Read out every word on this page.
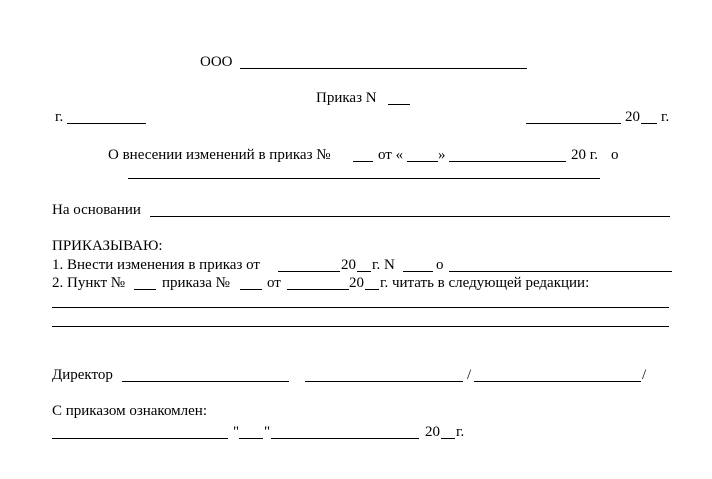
ООО
Приказ N
г.	20 г.
О внесении изменений в приказ №	от « »	20 г. о
На основании
ПРИКАЗЫВАЮ:
1. Внести изменения в приказ от	20 г. N	о
2. Пункт № приказа № от	20 г. читать в следующей редакции:
Директор	/	/
С приказом ознакомлен:
" "	20 г.
